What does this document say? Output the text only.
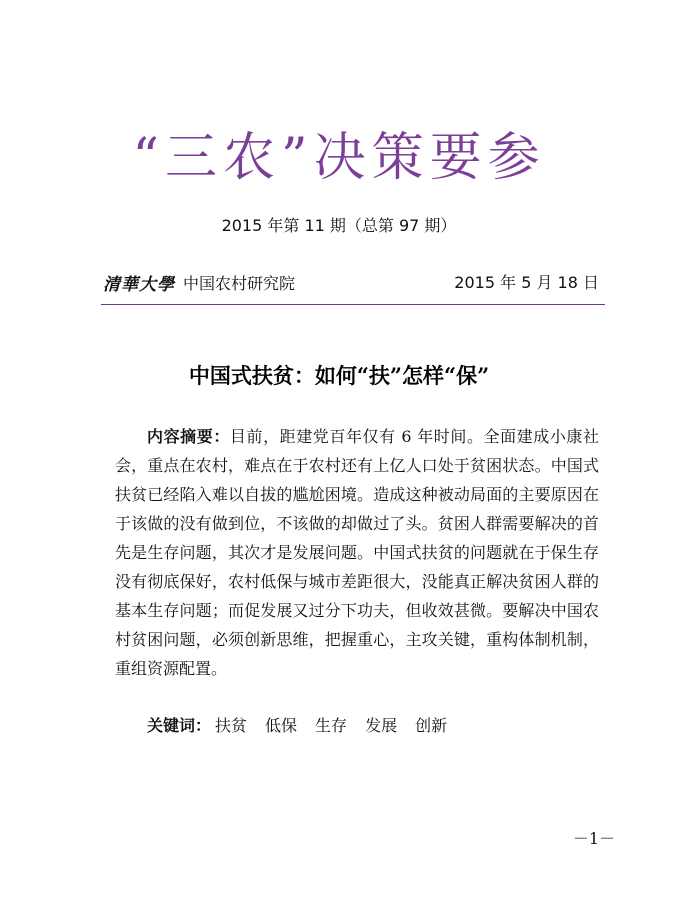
“三农”决策要参
2015 年第 11 期（总第 97 期）
清華大學 中国农村研究院	2015 年 5 月 18 日
中国式扶贫：如何“扶”怎样“保”

内容摘要：目前，距建党百年仅有 6 年时间。全面建成小康社会，重点在农村，难点在于农村还有上亿人口处于贫困状态。中国式扶贫已经陷入难以自拔的尴尬困境。造成这种被动局面的主要原因在于该做的没有做到位，不该做的却做过了头。贫困人群需要解决的首先是生存问题，其次才是发展问题。中国式扶贫的问题就在于保生存没有彻底保好，农村低保与城市差距很大，没能真正解决贫困人群的基本生存问题；而促发展又过分下功夫，但收效甚微。要解决中国农村贫困问题，必须创新思维，把握重心，主攻关键，重构体制机制，重组资源配置。

关键词： 扶贫 低保 生存 发展 创新
－1－
